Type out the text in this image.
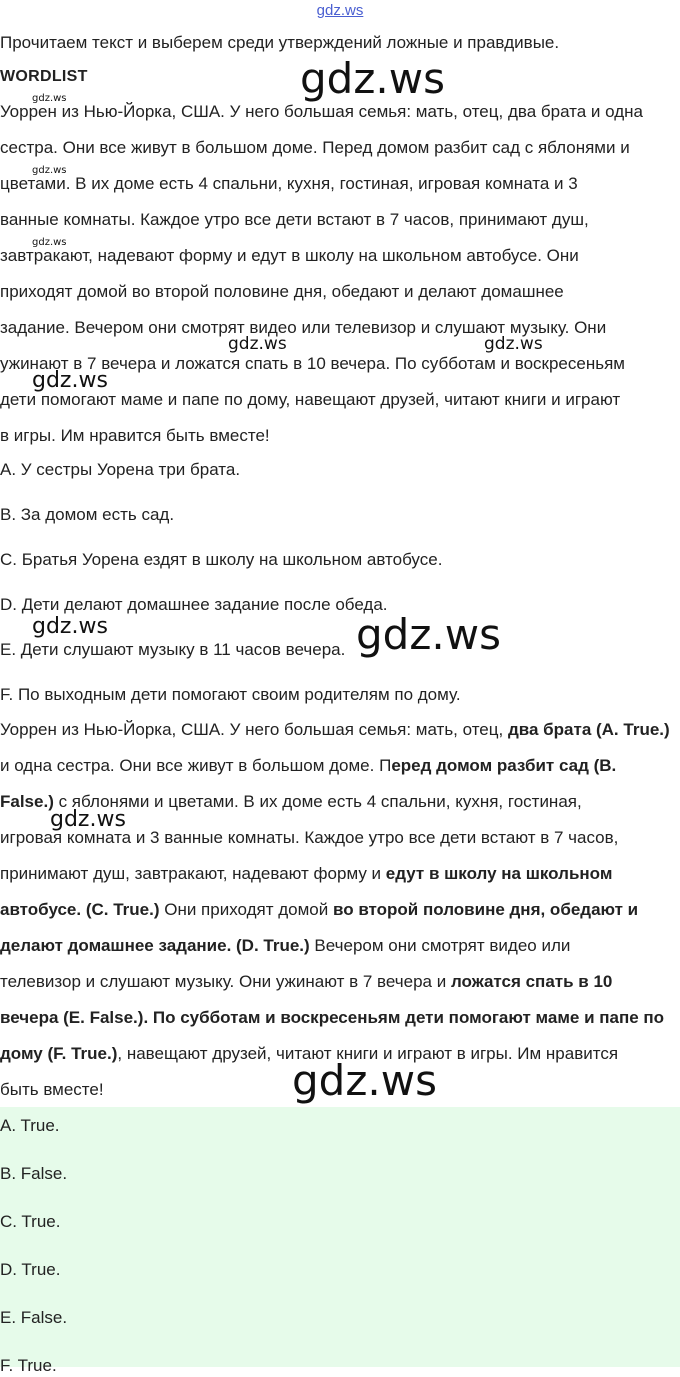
gdz.ws
Прочитаем текст и выберем среди утверждений ложные и правдивые.
WORDLIST
Уоррен из Нью-Йорка, США. У него большая семья: мать, отец, два брата и одна
сестра. Они все живут в большом доме. Перед домом разбит сад с яблонями и
цветами. В их доме есть 4 спальни, кухня, гостиная, игровая комната и 3
ванные комнаты. Каждое утро все дети встают в 7 часов, принимают душ,
завтракают, надевают форму и едут в школу на школьном автобусе. Они
приходят домой во второй половине дня, обедают и делают домашнее
задание. Вечером они смотрят видео или телевизор и слушают музыку. Они
ужинают в 7 вечера и ложатся спать в 10 вечера. По субботам и воскресеньям
дети помогают маме и папе по дому, навещают друзей, читают книги и играют
в игры. Им нравится быть вместе!
A. У сестры Уорена три брата.
B. За домом есть сад.
C. Братья Уорена ездят в школу на школьном автобусе.
D. Дети делают домашнее задание после обеда.
E. Дети слушают музыку в 11 часов вечера.
F. По выходным дети помогают своим родителям по дому.
Уоррен из Нью-Йорка, США. У него большая семья: мать, отец, два брата (A. True.)
и одна сестра. Они все живут в большом доме. Перед домом разбит сад (B.
False.) с яблонями и цветами. В их доме есть 4 спальни, кухня, гостиная,
игровая комната и 3 ванные комнаты. Каждое утро все дети встают в 7 часов,
принимают душ, завтракают, надевают форму и едут в школу на школьном
автобусе. (C. True.) Они приходят домой во второй половине дня, обедают и
делают домашнее задание. (D. True.) Вечером они смотрят видео или
телевизор и слушают музыку. Они ужинают в 7 вечера и ложатся спать в 10
вечера (E. False.). По субботам и воскресеньям дети помогают маме и папе по
дому (F. True.), навещают друзей, читают книги и играют в игры. Им нравится
быть вместе!
A. True.
B. False.
C. True.
D. True.
E. False.
F. True.
gdz.ws
gdz.ws
gdz.ws
gdz.ws
gdz.ws	gdz.ws
gdz.ws
gdz.ws	gdz.ws
gdz.ws
gdz.ws
